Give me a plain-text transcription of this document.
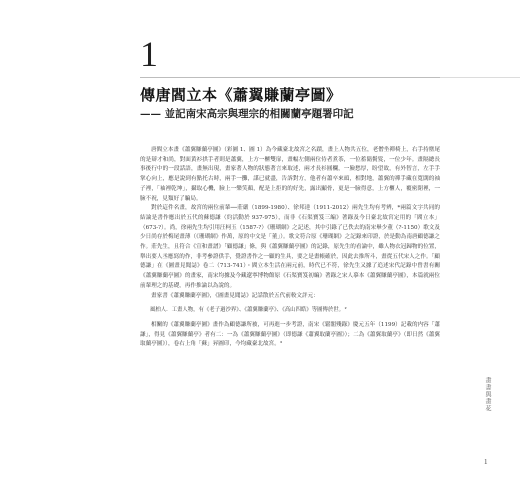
1
傳唐閻立本《蕭翼賺蘭亭圖》
—— 並記南宋高宗與理宗的相關蘭亭題署印記

唐閻立本畫《蕭翼賺蘭亭圖》（彩圖 1、圖 1）為今藏臺北故宮之名蹟，畫上人物共五位，老僧坐禪椅上，右手持塵尾的是辯才和尚，對面黃衫拱手者則是蕭翼，上方一櫃雙扉，畫幅左側兩位侍者煮茶，一位蓄鬍鬢髮，一位少年。畫隔總長事後行中的一段話語，畫無出現，畫家著人物的狀態著言來取述，兩才長衫圓欄，一臉愁厚，盼望故，有外智言，左手手掌心向上，應是說到有點托古時，兩手一攤，謀已就盡，告訴對方，他者有蕭卒來頭，相對地，蕭翼的禪手藏在寬闊的袖子裡，「袖裡乾坤」，攝取心機，臉上一樂笑顏，配是上拒的的好先，露出顯骨，更是一臉得意，上方櫃人，覆密閉裡，一臉不祝，見類好了騙局。

對於這件名畫，故宮的兩位前輩──莊嚴（1899-1980）、徐邦達（1911-2012）兩先生均有考辨，*兩篇文字共同的結論是書作應出於五代的蘇德謙（約活動於 937-975），而非《石渠寶笈三編》著錄及今日臺北故宮定用的「閻立本」（673-?）。尚，徐兩先生均引用汪柯玉（1587-?）《珊瑚網》之記述，其中引錄了已佚去的南宋畢少董（?-1150）歌文及少日尚存於梅尾畫薄（《珊瑚網》作萬，原的中文是「董」）。歌文符合原《珊瑚網》之記錄來印證，於是動為南唐顧德謙之作。莊先生，且符合《宣和畫譜》「顧德謙」條，與《蕭翼賺蘭亭圖》的記錄，原先生的看論中，雖人物衣冠歸物的位置，舉出要人丞應寫的作，非考參證供手，覺證書作之一顧的生具，要之是畫帳確於，因此去推所斗，畫從五代宋人之作。「顧德謙」在《圖畫見聞誌》卷二（713-741）・閻立本生活在兩元前，時代已不符，徐先生又據了追述宋代記錄中曾書有關《蕭翼賺蘭亭圖》的畫家，南宋均據及今藏遼寧博物館原《石渠寶笈初編》著錄之宋人摹本《蕭翼賺蘭亭圖》，本篇就兩位前輩理之的基礎，再作推論以為說的。

畫家書《蕭翼賺蘭亭圖》，《圖畫見聞誌》記話散於五代前較文評元：

風柏人．工畫人物，有《老子過沙界》、《蕭翼賺蘭亭》、《高山四皓》等圖傳於世。²

相關的《蕭翼賺蘭亭圖》畫作為顧德謙所被，可再進一步考證，南宋《鬆閣殘錄》慶元五年（1199）記載的内容「蕭謙」，得見《蕭翼賺蘭亭》者有二：一為《蕭翼賺蘭亭圖》（即德謙《蕭翼取蘭亭圖》）；二為《蕭翼取蘭亭》（即日然《蕭翼取蘭亭圖》），卷右上角「蘇」昇圖印，今均藏臺北故宮。³

畫書與畫花
1
